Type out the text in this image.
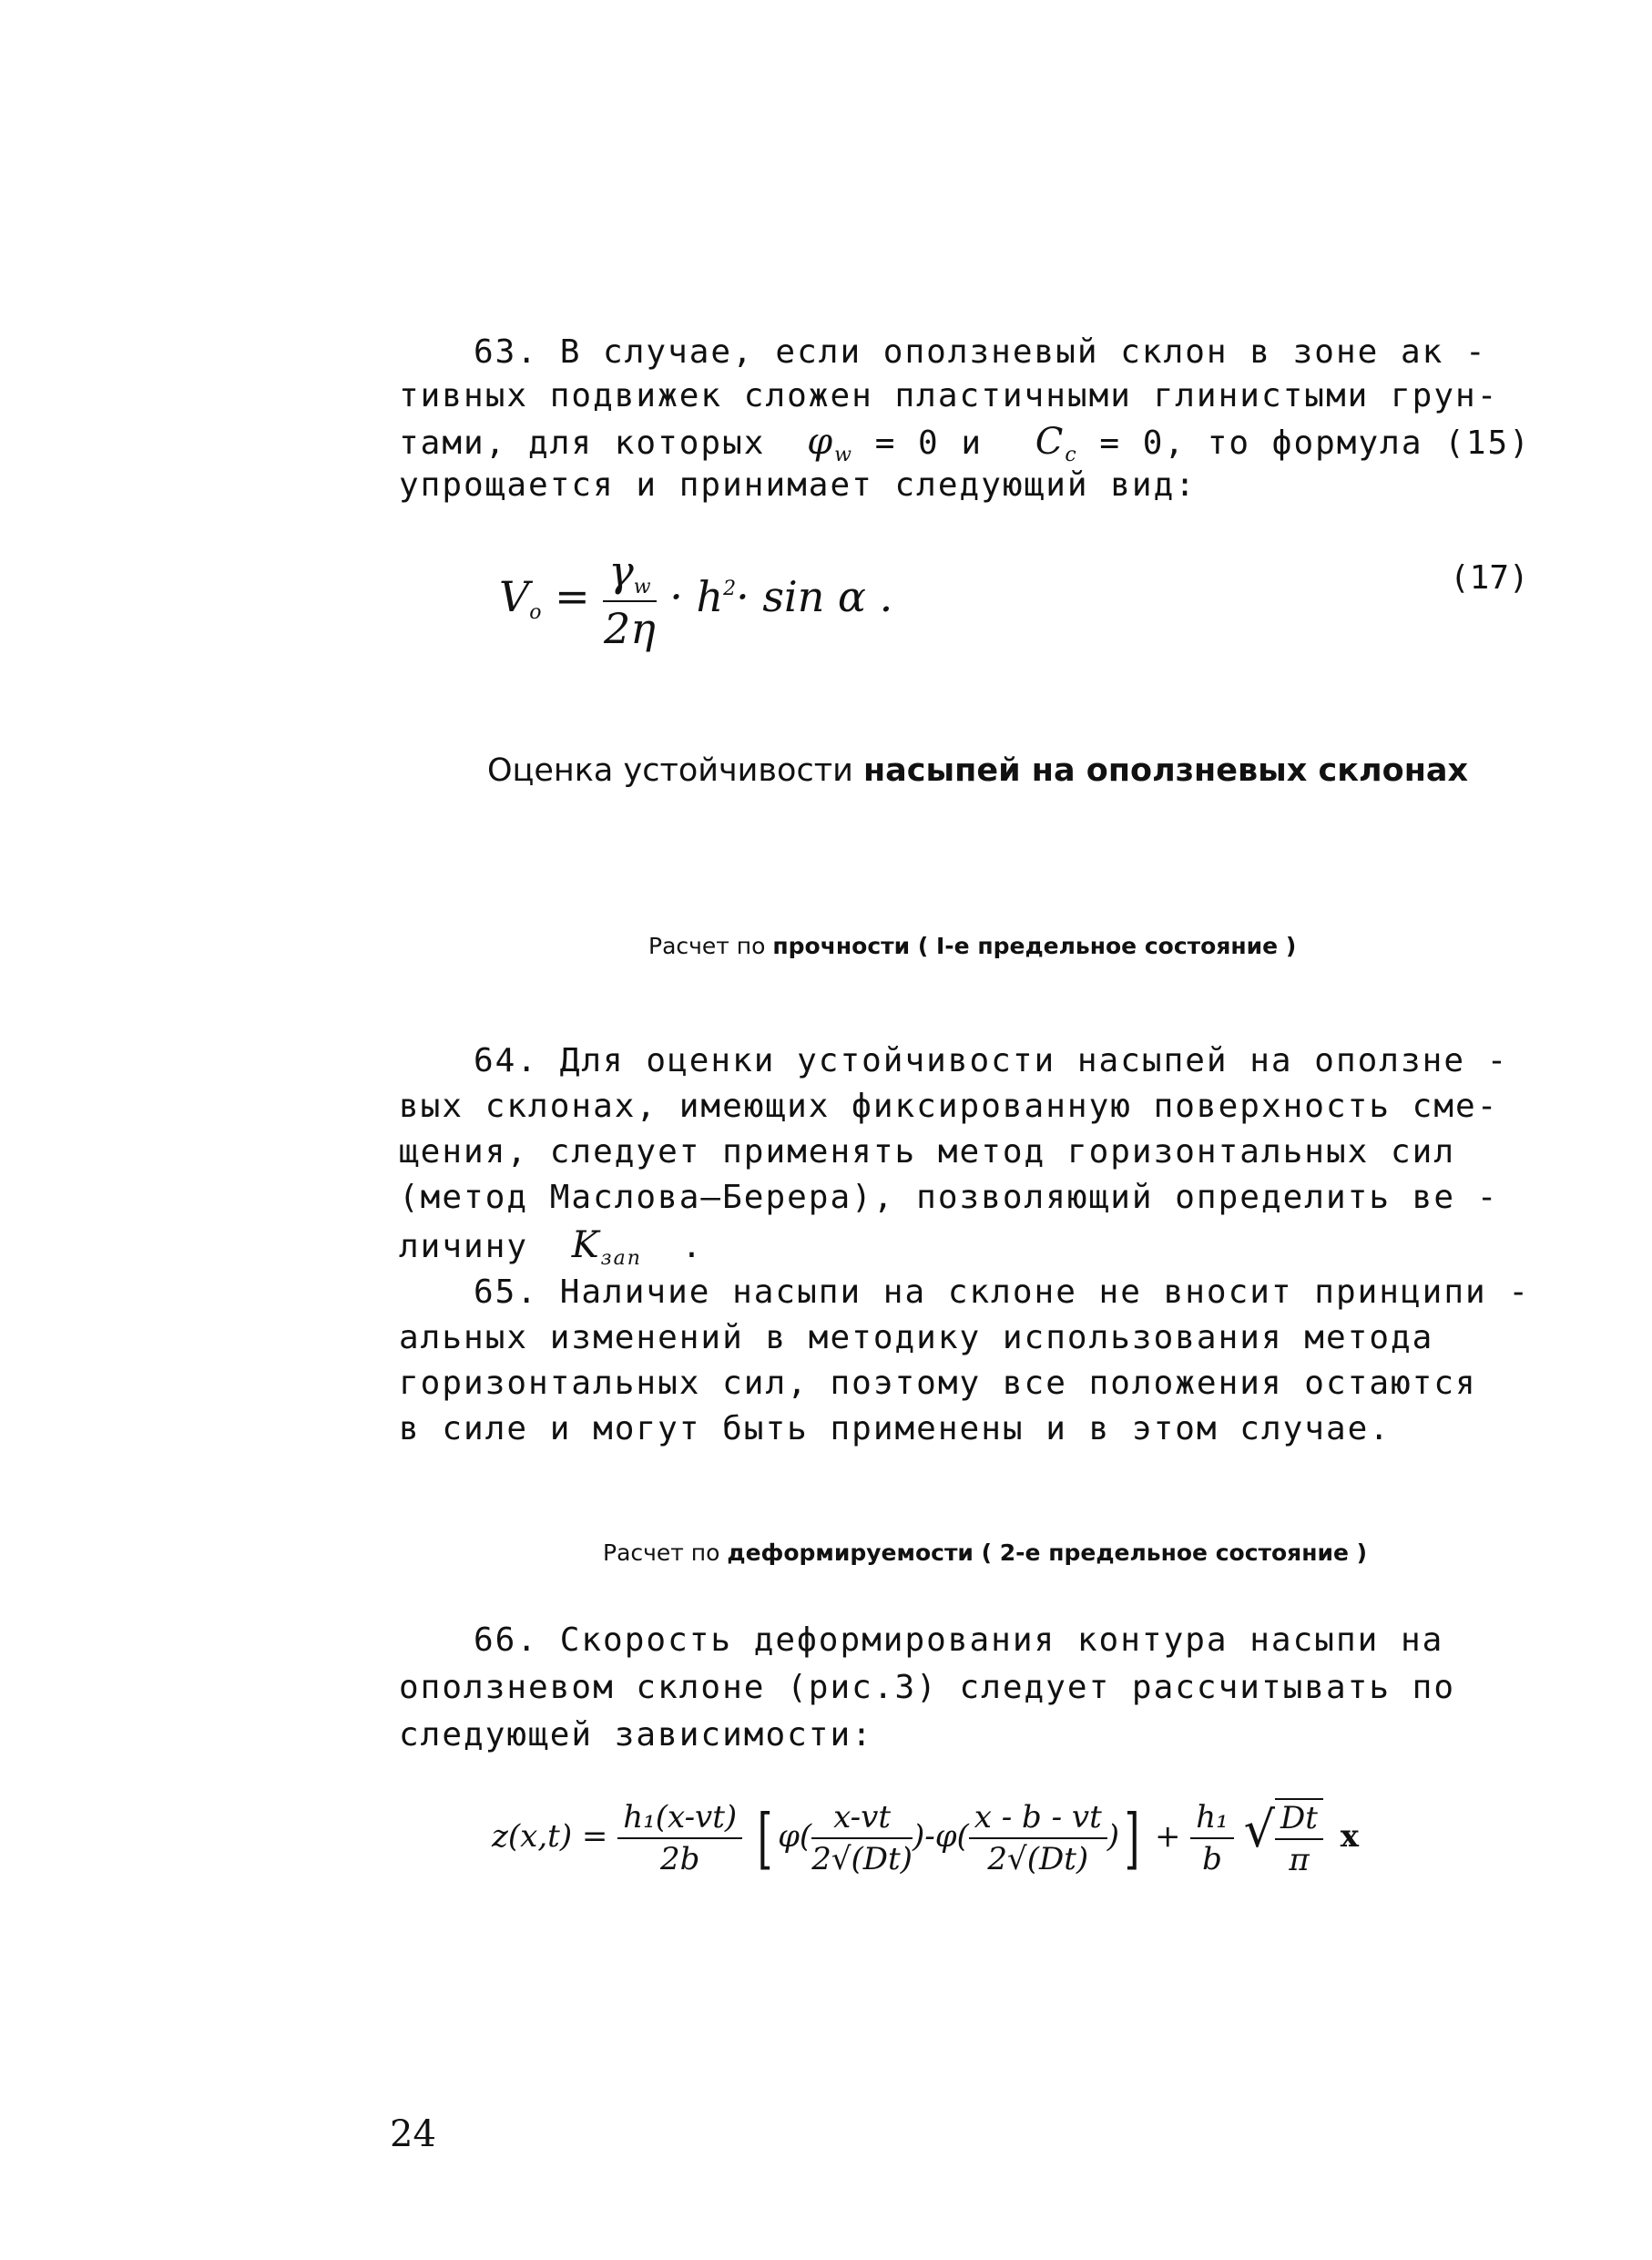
63. В случае, если оползневый склон в зоне ак -
тивных подвижек сложен пластичными глинистыми грун-
тами, для которых $\varphi_w = 0$ и $C_c = 0$, то формула (15)
упрощается и принимает следующий вид:
$V_o = \frac{\gamma_w}{2\eta} \cdot h^2\cdot \sin \alpha$ .	(17)
Оценка устойчивости насыпей на оползневых склонах
Расчет по прочности ( I-е предельное состояние )
64. Для оценки устойчивости насыпей на оползне -
вых склонах, имеющих фиксированную поверхность сме-
щения, следует применять метод горизонтальных сил
(метод Маслова–Берера), позволяющий определить ве -
личину $K_{зап}$ .
65. Наличие насыпи на склоне не вносит принципи -
альных изменений в методику использования метода
горизонтальных сил, поэтому все положения остаются
в силе и могут быть применены и в этом случае.
Расчет по деформируемости ( 2-е предельное состояние )
66. Скорость деформирования контура насыпи на
оползневом склоне (рис.3) следует рассчитывать по
следующей зависимости:
$z(x,t) = \frac{\text{h₁(x-vt)}}{2b}$ [ $\varphi( \frac{x-vt}{2√(Dt)} )-\varphi( \frac{x - b - vt}{2√(Dt)}$ )] + $\frac{\text{h₁}}{b}$ √ $\frac{Dt}{\pi}$ x
24
